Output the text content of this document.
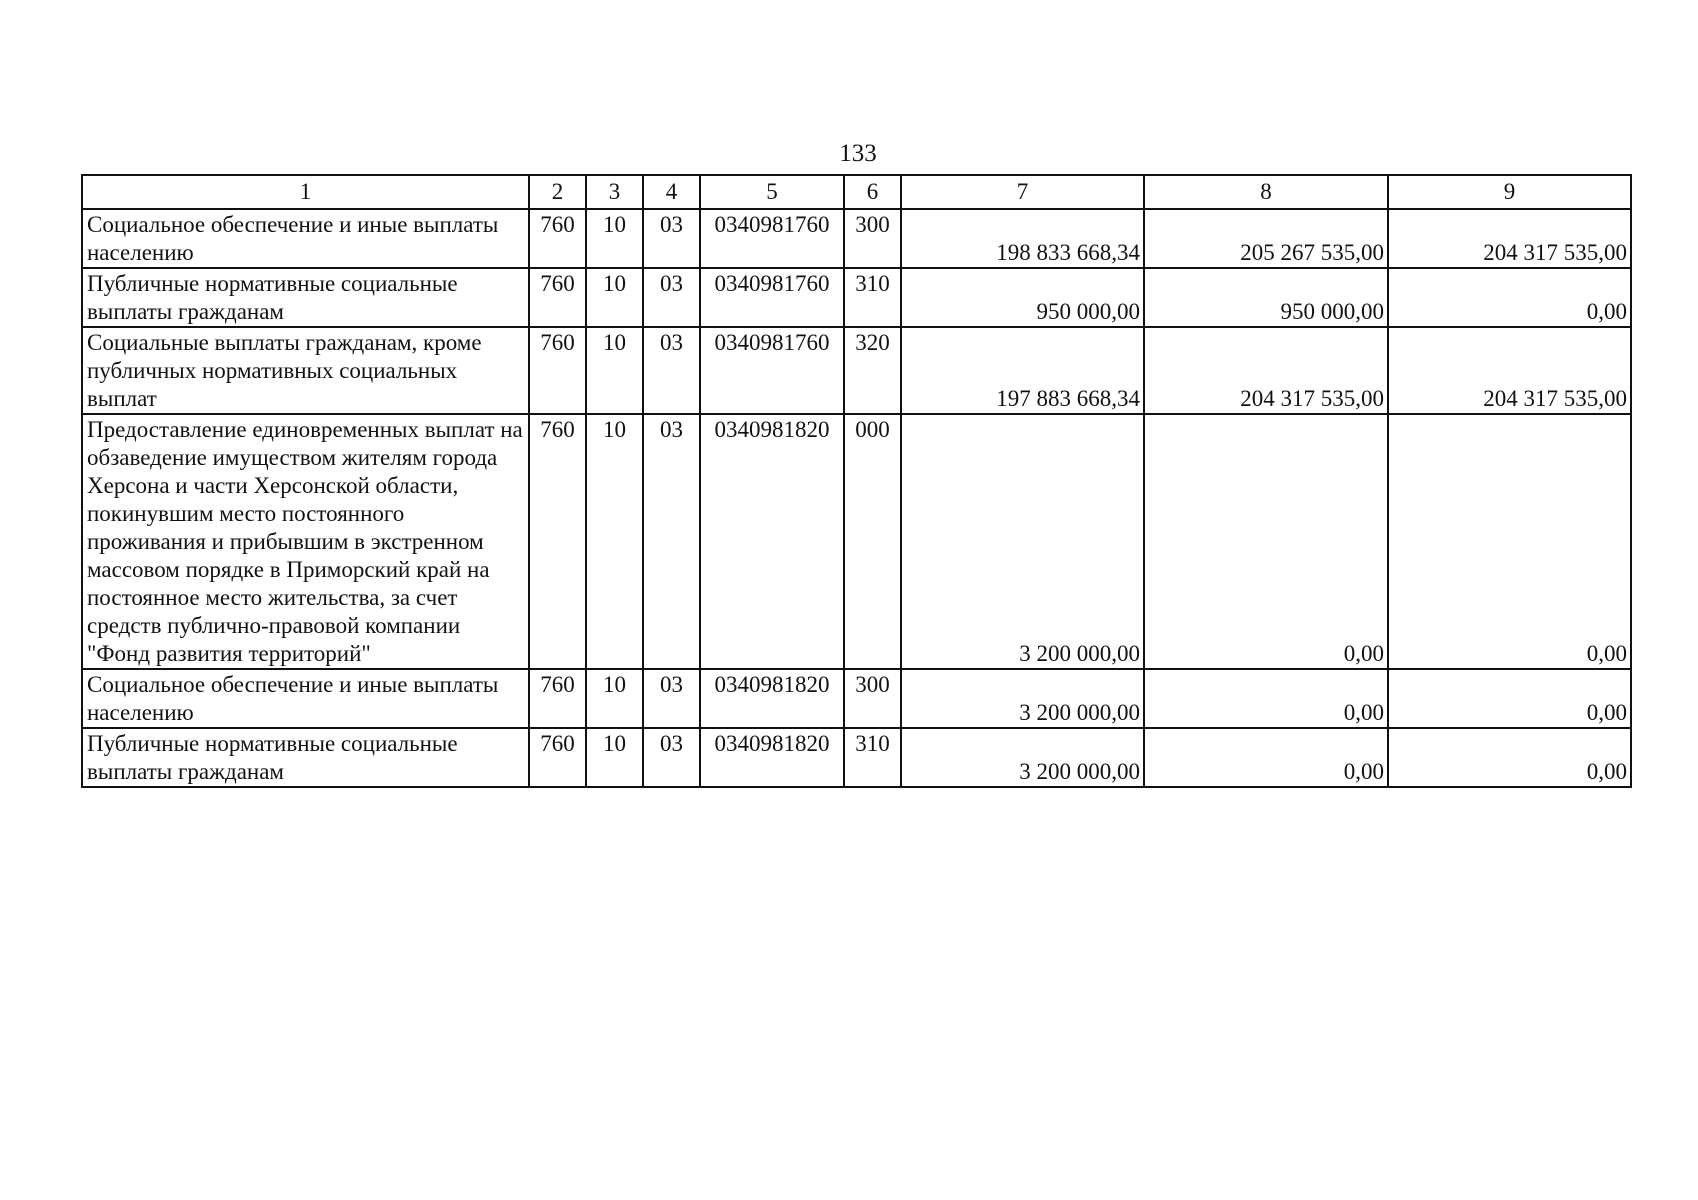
133
1	2	3	4	5	6	7	8	9
Социальное обеспечение и иные выплаты населению	760	10	03	0340981760	300	198 833 668,34	205 267 535,00	204 317 535,00
Публичные нормативные социальные выплаты гражданам	760	10	03	0340981760	310	950 000,00	950 000,00	0,00
Социальные выплаты гражданам, кроме публичных нормативных социальных выплат	760	10	03	0340981760	320	197 883 668,34	204 317 535,00	204 317 535,00
Предоставление единовременных выплат на обзаведение имуществом жителям города Херсона и части Херсонской области, покинувшим место постоянного проживания и прибывшим в экстренном массовом порядке в Приморский край на постоянное место жительства, за счет средств публично-правовой компании "Фонд развития территорий"	760	10	03	0340981820	000	3 200 000,00	0,00	0,00
Социальное обеспечение и иные выплаты населению	760	10	03	0340981820	300	3 200 000,00	0,00	0,00
Публичные нормативные социальные выплаты гражданам	760	10	03	0340981820	310	3 200 000,00	0,00	0,00
